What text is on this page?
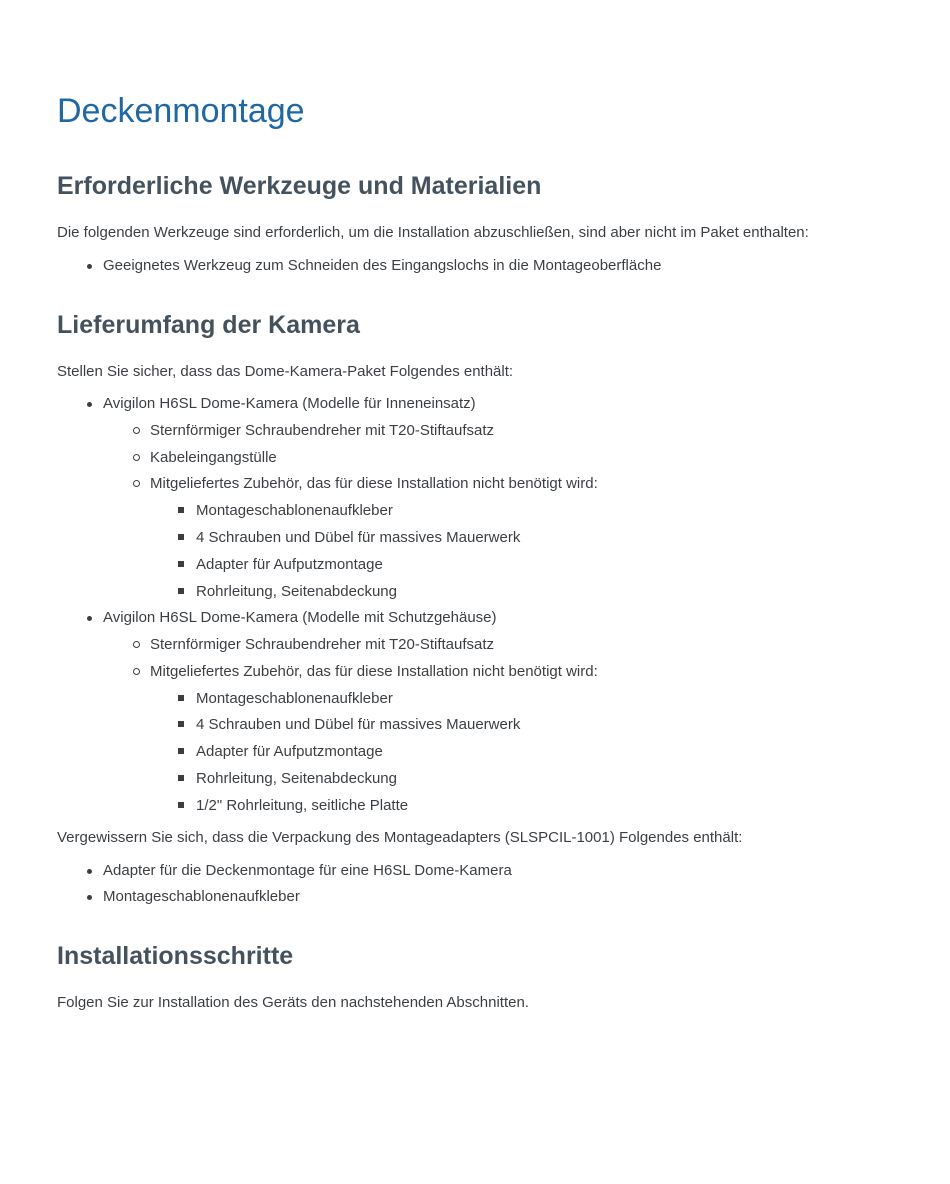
Deckenmontage
Erforderliche Werkzeuge und Materialien

Die folgenden Werkzeuge sind erforderlich, um die Installation abzuschließen, sind aber nicht im Paket enthalten:

Geeignetes Werkzeug zum Schneiden des Eingangslochs in die Montageoberfläche
Lieferumfang der Kamera

Stellen Sie sicher, dass das Dome-Kamera-Paket Folgendes enthält:

Avigilon H6SL Dome-Kamera (Modelle für Inneneinsatz)
Sternförmiger Schraubendreher mit T20-Stiftaufsatz
Kabeleingangstülle
Mitgeliefertes Zubehör, das für diese Installation nicht benötigt wird:
Montageschablonenaufkleber
4 Schrauben und Dübel für massives Mauerwerk
Adapter für Aufputzmontage
Rohrleitung, Seitenabdeckung
Avigilon H6SL Dome-Kamera (Modelle mit Schutzgehäuse)
Sternförmiger Schraubendreher mit T20-Stiftaufsatz
Mitgeliefertes Zubehör, das für diese Installation nicht benötigt wird:
Montageschablonenaufkleber
4 Schrauben und Dübel für massives Mauerwerk
Adapter für Aufputzmontage
Rohrleitung, Seitenabdeckung
1/2" Rohrleitung, seitliche Platte

Vergewissern Sie sich, dass die Verpackung des Montageadapters (SLSPCIL-1001) Folgendes enthält:

Adapter für die Deckenmontage für eine H6SL Dome-Kamera
Montageschablonenaufkleber
Installationsschritte

Folgen Sie zur Installation des Geräts den nachstehenden Abschnitten.
